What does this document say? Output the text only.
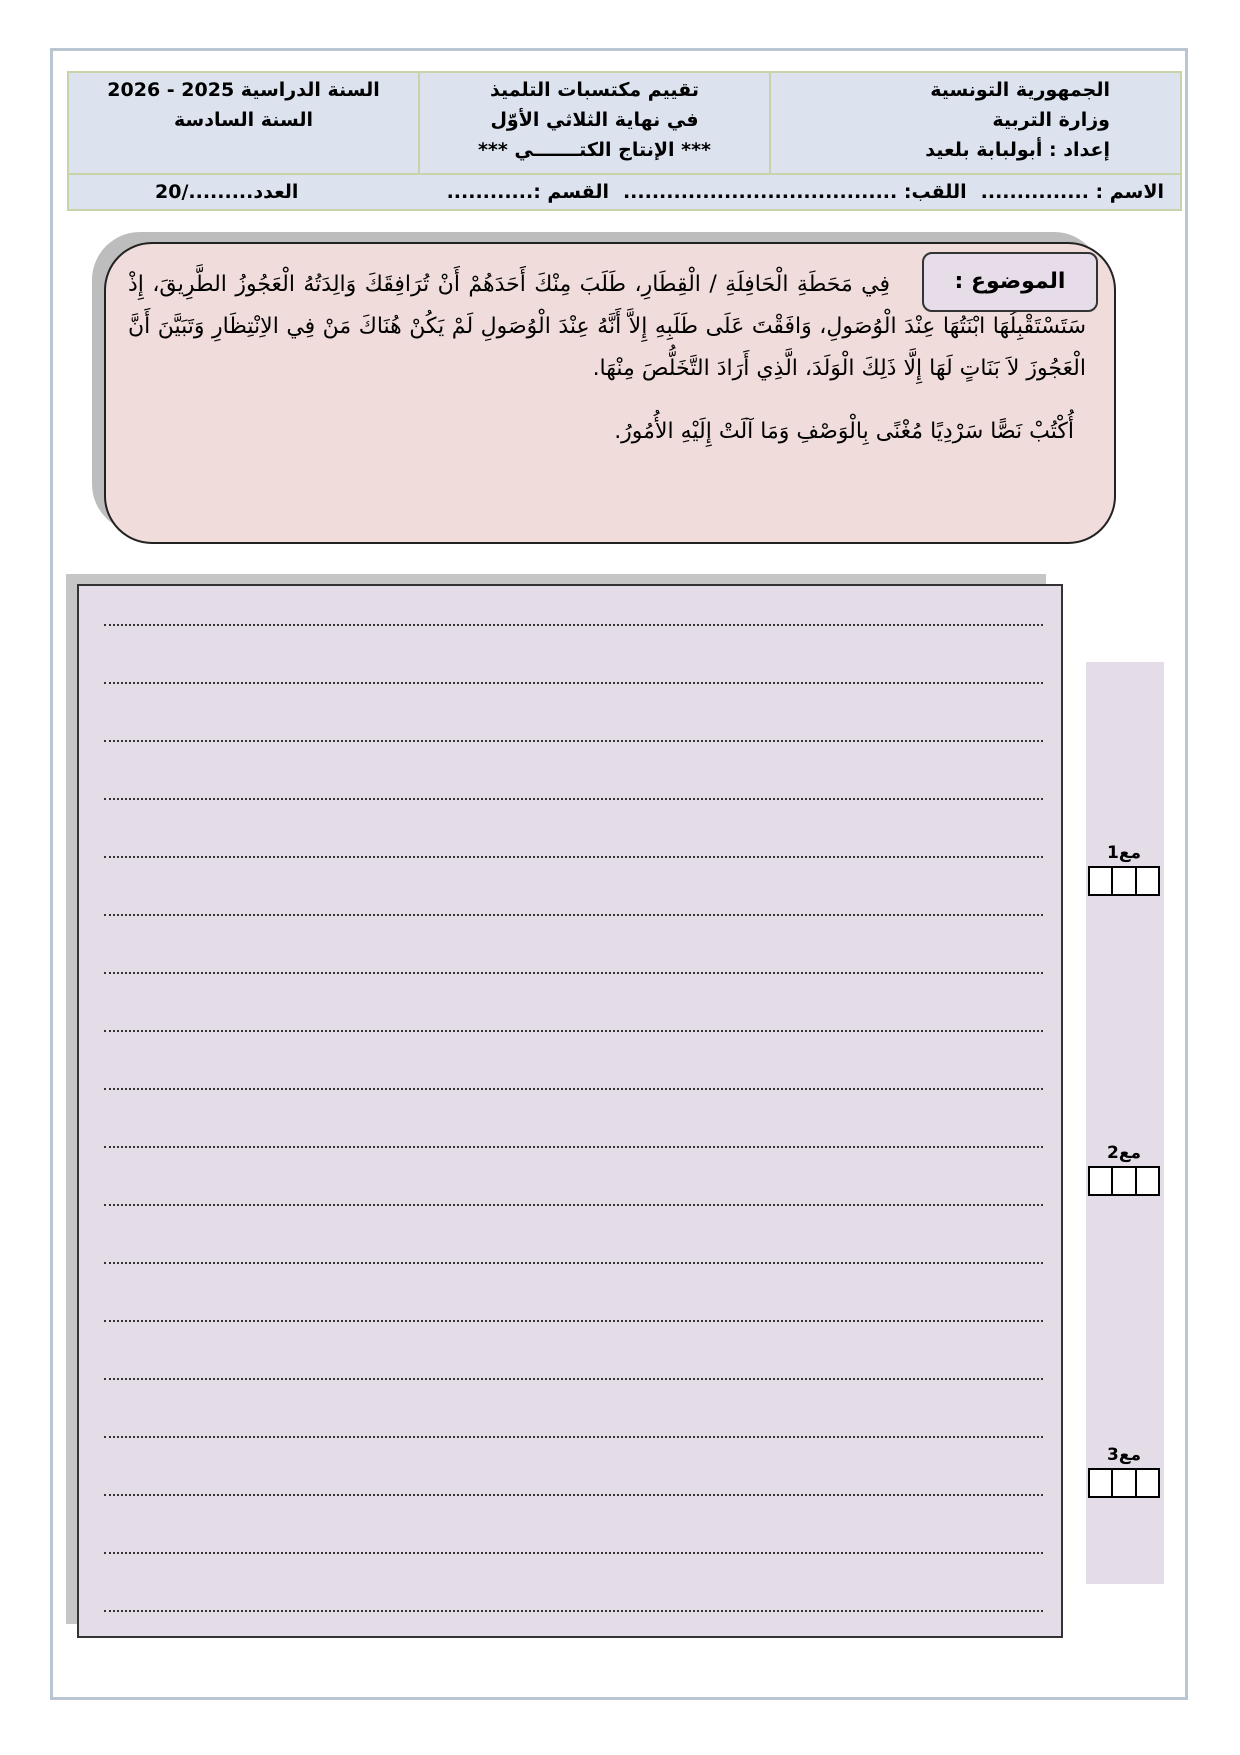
الجمهورية التونسية
وزارة التربية
إعداد : أبولبابة بلعيد
تقييم مكتسبات التلميذ
في نهاية الثلاثي الأوّل
*** الإنتاج الكتـــــــي ***
السنة الدراسية 2025 - 2026
السنة السادسة
الاسم : ...............
اللقب: ......................................
القسم :............
العدد........./20

فِي مَحَطَةِ الْحَافِلَةِ / الْقِطَارِ، طَلَبَ مِنْكَ أَحَدَهُمْ أَنْ تُرَافِقَكَ وَالِدَتُهُ الْعَجُوزُ الطَّرِيقَ، إِذْ سَتَسْتَقْبِلُهَا ابْنَتُهَا عِنْدَ الْوُصَولِ، وَافَقْتَ عَلَى طَلَبِهِ إِلاَّ أَنَّهُ عِنْدَ الْوُصَولِ لَمْ يَكُنْ هُنَاكَ مَنْ فِي الاِنْتِظَارِ وَتَبَيَّنَ أَنَّ الْعَجُوزَ لاَ بَنَاتٍ لَهَا إِلَّا ذَلِكَ الْوَلَدَ، الَّذِي أَرَادَ التَّخَلُّصَ مِنْهَا.

الموضوع :

أُكْتُبْ نَصًّا سَرْدِيًا مُغْنًى بِالْوَصْفِ وَمَا آلَتْ إِلَيْهِ الأُمُورُ.

مع1
مع2
مع3
